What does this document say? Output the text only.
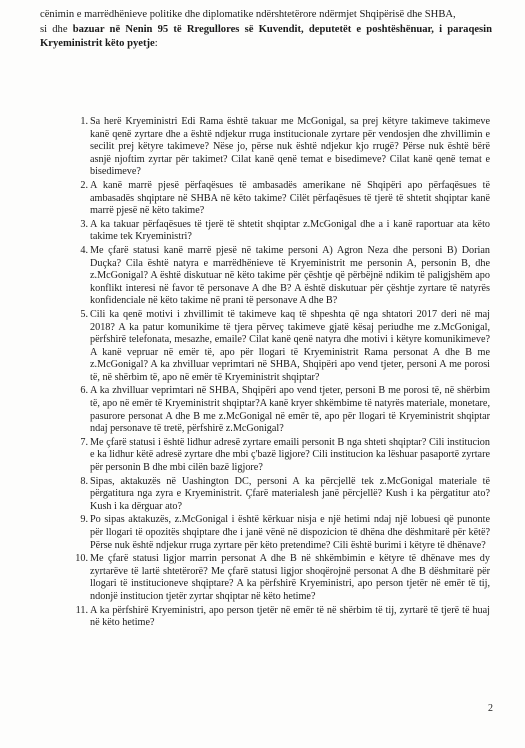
cënimin e marrëdhënieve politike dhe diplomatike ndërshtetërore ndërmjet Shqipërisë dhe SHBA,

si dhe bazuar në Nenin 95 të Rregullores së Kuvendit, deputetët e poshtëshënuar, i paraqesin Kryeministrit këto pyetje:

1. Sa herë Kryeministri Edi Rama është takuar me McGonigal, sa prej këtyre takimeve takimeve kanë qenë zyrtare dhe a është ndjekur rruga institucionale zyrtare për vendosjen dhe zhvillimin e secilit prej këtyre takimeve? Nëse jo, përse nuk është ndjekur kjo rrugë? Përse nuk është bërë asnjë njoftim zyrtar për takimet? Cilat kanë qenë temat e bisedimeve? Cilat kanë qenë temat e bisedimeve?

2. A kanë marrë pjesë përfaqësues të ambasadës amerikane në Shqipëri apo përfaqësues të ambasadës shqiptare në SHBA në këto takime? Cilët përfaqësues të tjerë të shtetit shqiptar kanë marrë pjesë në këto takime?

3. A ka takuar përfaqësues të tjerë të shtetit shqiptar z.McGonigal dhe a i kanë raportuar ata këto takime tek Kryeministri?

4. Me çfarë statusi kanë marrë pjesë në takime personi A) Agron Neza dhe personi B) Dorian Duçka? Cila është natyra e marrëdhënieve të Kryeministrit me personin A, personin B, dhe z.McGonigal? A është diskutuar në këto takime për çështje që përbëjnë ndikim të paligjshëm apo konflikt interesi në favor të personave A dhe B? A është diskutuar për çështje zyrtare të natyrës konfidenciale në këto takime në prani të personave A dhe B?

5. Cili ka qenë motivi i zhvillimit të takimeve kaq të shpeshta që nga shtatori 2017 deri në maj 2018? A ka patur komunikime të tjera përveç takimeve gjatë kësaj periudhe me z.McGonigal, përfshirë telefonata, mesazhe, emaile? Cilat kanë qenë natyra dhe motivi i këtyre komunikimeve? A kanë vepruar në emër të, apo për llogari të Kryeministrit Rama personat A dhe B me z.McGonigal? A ka zhvilluar veprimtari në SHBA, Shqipëri apo vend tjeter, personi A me porosi të, në shërbim të, apo në emër të Kryeministrit shqiptar?

6. A ka zhvilluar veprimtari në SHBA, Shqipëri apo vend tjeter, personi B me porosi të, në shërbim të, apo në emër të Kryeministrit shqiptar?A kanë kryer shkëmbime të natyrës materiale, monetare, pasurore personat A dhe B me z.McGonigal në emër të, apo për llogari të Kryeministrit shqiptar ndaj personave të tretë, përfshirë z.McGonigal?

7. Me çfarë statusi i është lidhur adresë zyrtare emaili personit B nga shteti shqiptar? Cili institucion e ka lidhur këtë adresë zyrtare dhe mbi ç'bazë ligjore? Cili institucion ka lëshuar pasaportë zyrtare për personin B dhe mbi cilën bazë ligjore?

8. Sipas, aktakuzës në Uashington DC, personi A ka përcjellë tek z.McGonigal materiale të përgatitura nga zyra e Kryeministrit. Çfarë materialesh janë përcjellë? Kush i ka përgatitur ato? Kush i ka dërguar ato?

9. Po sipas aktakuzës, z.McGonigal i është kërkuar nisja e një hetimi ndaj një lobuesi që punonte për llogari të opozitës shqiptare dhe i janë vënë në dispozicion të dhëna dhe dëshmitarë për këtë? Përse nuk është ndjekur rruga zyrtare për këto pretendime? Cili është burimi i këtyre të dhënave?

10. Me çfarë statusi ligjor marrin personat A dhe B në shkëmbimin e këtyre të dhënave mes dy zyrtarëve të lartë shtetërorë? Me çfarë statusi ligjor shoqërojnë personat A dhe B dëshmitarë për llogari të institucioneve shqiptare? A ka përfshirë Kryeministri, apo person tjetër në emër të tij, ndonjë institucion tjetër zyrtar shqiptar në këto hetime?

11. A ka përfshirë Kryeministri, apo person tjetër në emër të në shërbim të tij, zyrtarë të tjerë të huaj në këto hetime?

2
